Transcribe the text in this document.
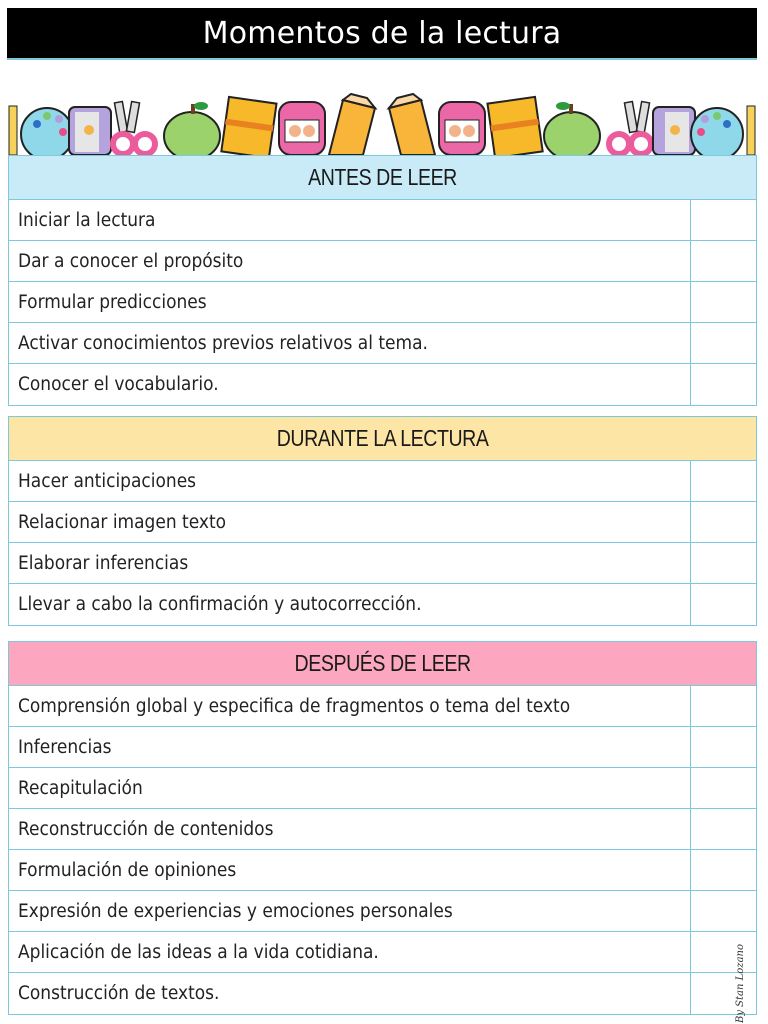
Momentos de la lectura
ANTES DE LEER
Iniciar la lectura
Dar a conocer el propósito
Formular predicciones
Activar conocimientos previos relativos al tema.
Conocer el vocabulario.
DURANTE LA LECTURA
Hacer anticipaciones
Relacionar imagen texto
Elaborar inferencias
Llevar a cabo la confirmación y autocorrección.
DESPUÉS DE LEER
Comprensión global y especifica de fragmentos o tema del texto
Inferencias
Recapitulación
Reconstrucción de contenidos
Formulación de opiniones
Expresión de experiencias y emociones personales
Aplicación de las ideas a la vida cotidiana.
Construcción de textos.	By Stan Lozano
